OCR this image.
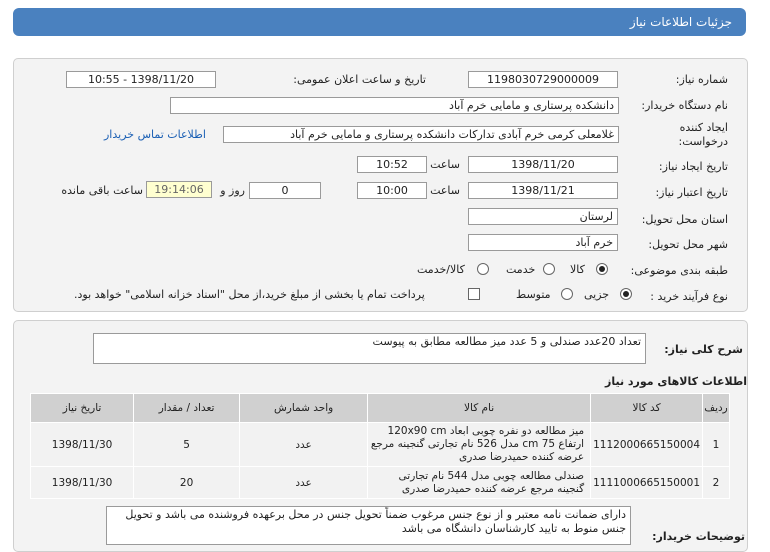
جزئیات اطلاعات نیاز
شماره نیاز:
1198030729000009
تاریخ و ساعت اعلان عمومی:
1398/11/20 - 10:55
نام دستگاه خریدار:
دانشکده پرستاری و مامایی خرم آباد
ایجاد کننده درخواست:
غلامعلی کرمی خرم آبادی تدارکات دانشکده پرستاری و مامایی خرم آباد
اطلاعات تماس خریدار
تاریخ ایجاد نیاز:
1398/11/20
ساعت
10:52
تاریخ اعتبار نیاز:
1398/11/21
ساعت
10:00
0
روز و
19:14:06
ساعت باقی مانده
استان محل تحویل:
لرستان
شهر محل تحویل:
خرم آباد
طبقه بندی موضوعی:
کالا
خدمت
کالا/خدمت
نوع فرآیند خرید :
جزیی
متوسط
پرداخت تمام یا بخشی از مبلغ خرید،از محل "اسناد خزانه اسلامی" خواهد بود.
شرح کلی نیاز:
تعداد 20عدد صندلی و 5 عدد میز مطالعه مطابق به پیوست
اطلاعات کالاهای مورد نیاز
ردیف	کد کالا	نام کالا	واحد شمارش	تعداد / مقدار	تاریخ نیاز
1	1112000665150004	میز مطالعه دو نفره چوبی ابعاد 120x90 cm ارتفاع 75 cm مدل 526 نام تجارتی گنجینه مرجع عرضه کننده حمیدرضا صدری	عدد	5	1398/11/30
2	1111000665150001	صندلی مطالعه چوبی مدل 544 نام تجارتی گنجینه مرجع عرضه کننده حمیدرضا صدری	عدد	20	1398/11/30
توضیحات خریدار:
دارای ضمانت نامه معتبر و از نوع جنس مرغوب ضمناً تحویل جنس در محل برعهده فروشنده می باشد و تحویل جنس منوط به تایید کارشناسان دانشگاه می باشد
